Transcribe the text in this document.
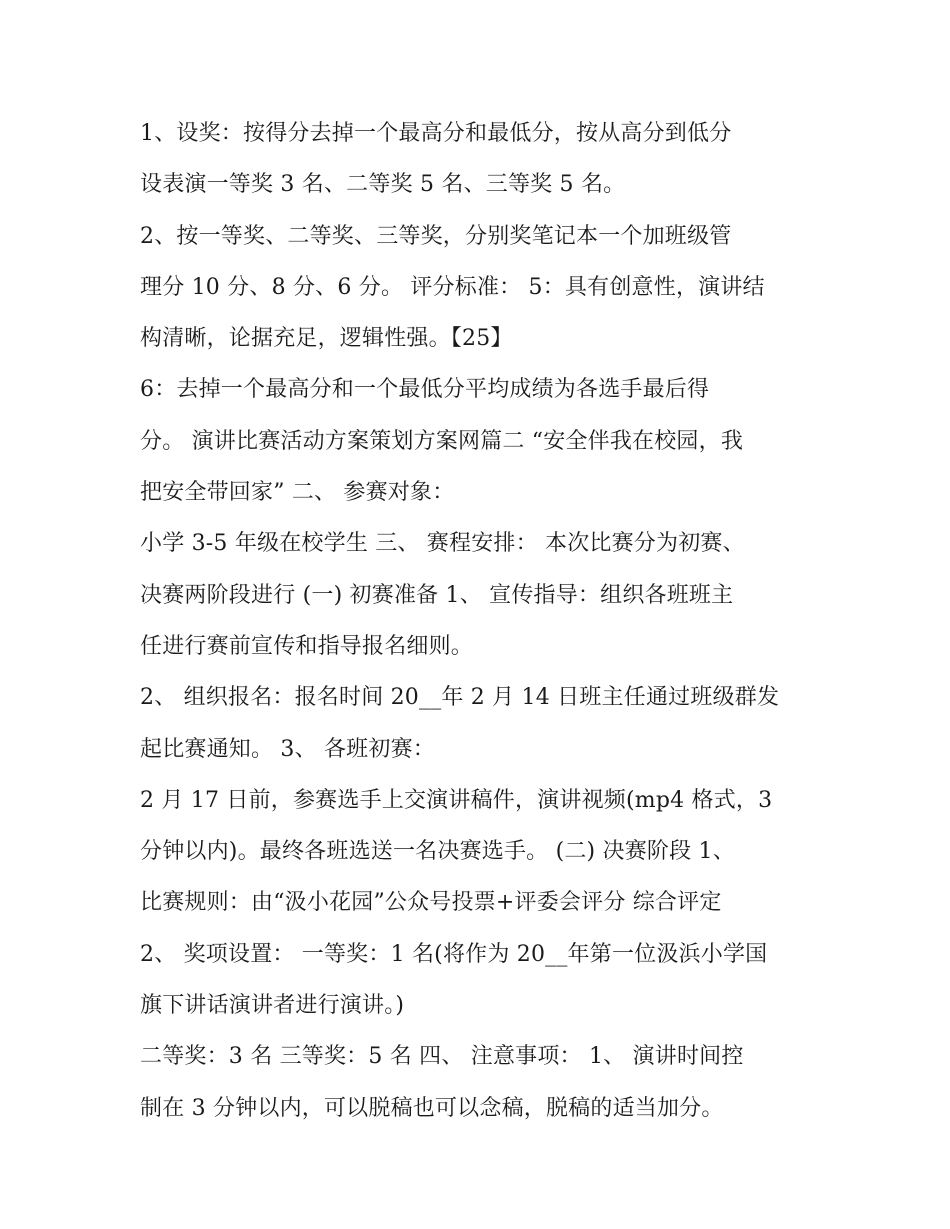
1、设奖：按得分去掉一个最高分和最低分，按从高分到低分
设表演一等奖 3 名、二等奖 5 名、三等奖 5 名。
2、按一等奖、二等奖、三等奖，分别奖笔记本一个加班级管
理分 10 分、8 分、6 分。 评分标准： 5：具有创意性，演讲结
构清晰，论据充足，逻辑性强。【25】
6：去掉一个最高分和一个最低分平均成绩为各选手最后得
分。 演讲比赛活动方案策划方案网篇二 “安全伴我在校园，我
把安全带回家” 二、 参赛对象：
小学 3-5 年级在校学生 三、 赛程安排： 本次比赛分为初赛、
决赛两阶段进行 (一) 初赛准备 1、 宣传指导：组织各班班主
任进行赛前宣传和指导报名细则。
2、 组织报名：报名时间 20__年 2 月 14 日班主任通过班级群发
起比赛通知。 3、 各班初赛：
2 月 17 日前，参赛选手上交演讲稿件，演讲视频(mp4 格式，3
分钟以内)。最终各班选送一名决赛选手。 (二) 决赛阶段 1、
比赛规则：由“汲小花园”公众号投票+评委会评分 综合评定
2、 奖项设置： 一等奖：1 名(将作为 20__年第一位汲浜小学国
旗下讲话演讲者进行演讲。)
二等奖：3 名 三等奖：5 名 四、 注意事项： 1、 演讲时间控
制在 3 分钟以内，可以脱稿也可以念稿，脱稿的适当加分。
